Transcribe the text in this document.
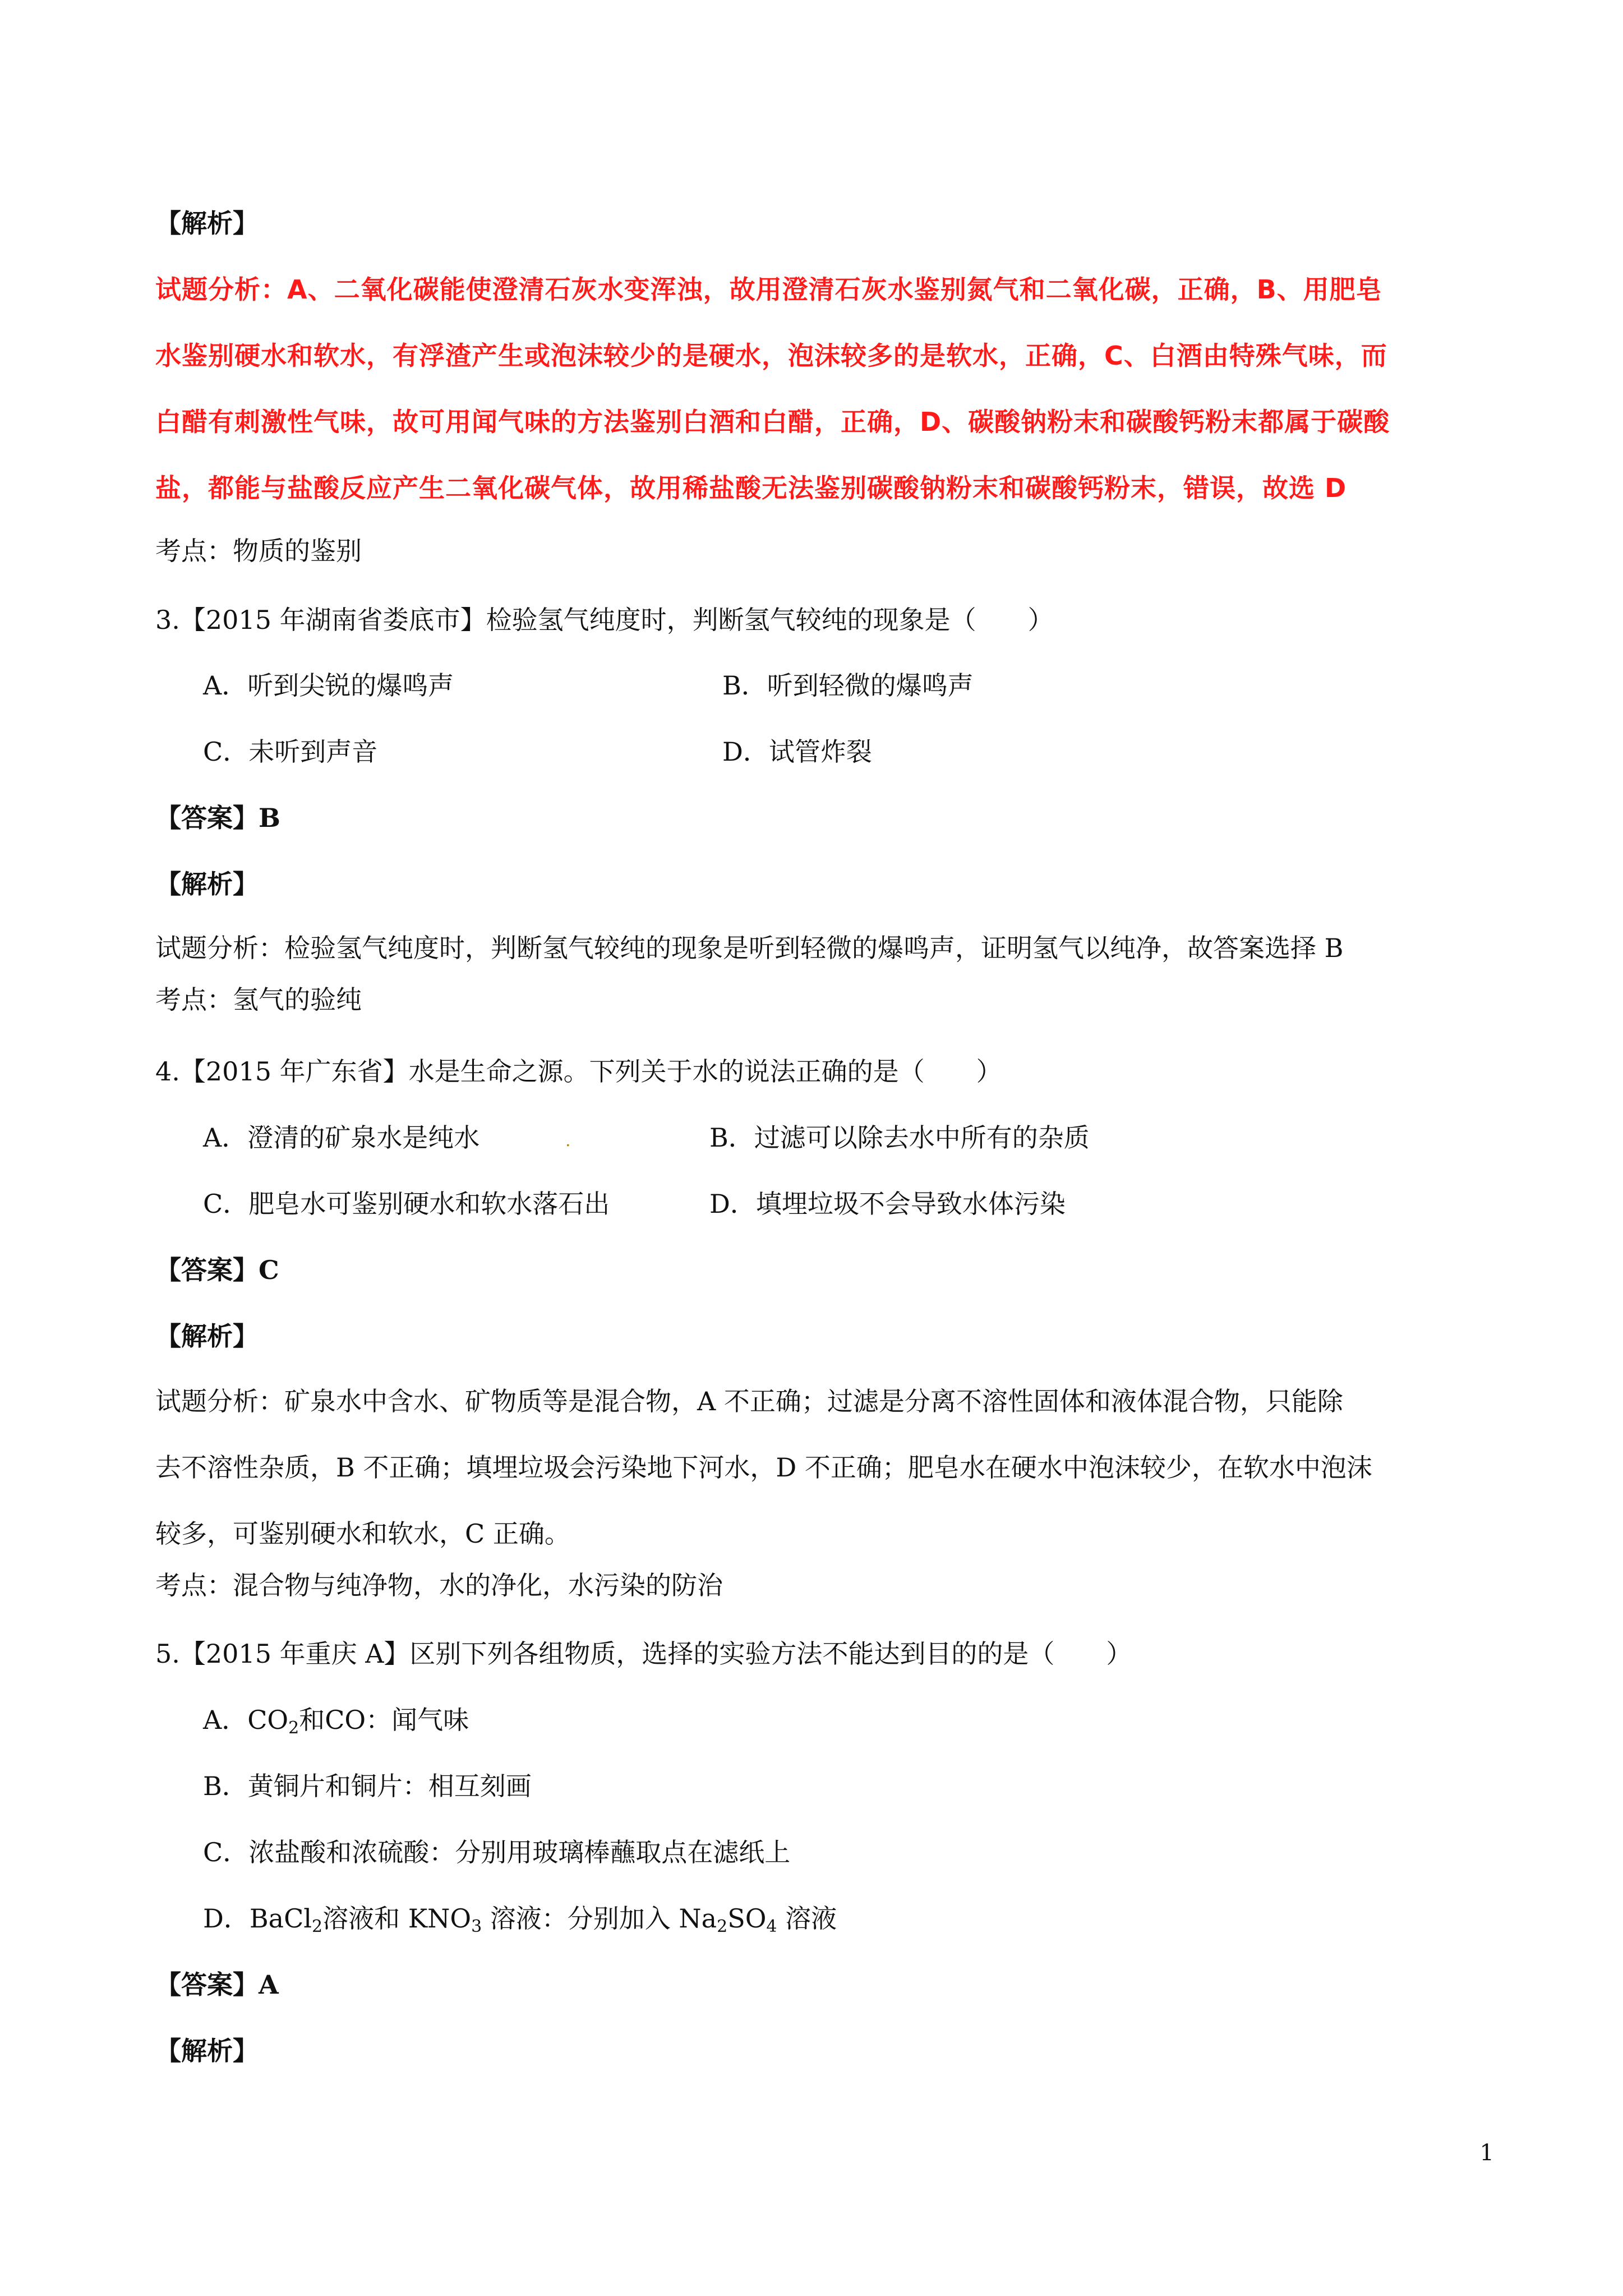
【解析】
试题分析：A、二氧化碳能使澄清石灰水变浑浊，故用澄清石灰水鉴别氮气和二氧化碳，正确，B、用肥皂
水鉴别硬水和软水，有浮渣产生或泡沫较少的是硬水，泡沫较多的是软水，正确，C、白酒由特殊气味，而
白醋有刺激性气味，故可用闻气味的方法鉴别白酒和白醋，正确，D、碳酸钠粉末和碳酸钙粉末都属于碳酸
盐，都能与盐酸反应产生二氧化碳气体，故用稀盐酸无法鉴别碳酸钠粉末和碳酸钙粉末，错误，故选 D
考点：物质的鉴别
3.【2015 年湖南省娄底市】检验氢气纯度时，判断氢气较纯的现象是（　　）
A．听到尖锐的爆鸣声	B．听到轻微的爆鸣声
C．未听到声音	D．试管炸裂
【答案】B
【解析】
试题分析：检验氢气纯度时，判断氢气较纯的现象是听到轻微的爆鸣声，证明氢气以纯净，故答案选择 B
考点：氢气的验纯
4.【2015 年广东省】水是生命之源。下列关于水的说法正确的是（　　）
A．澄清的矿泉水是纯水	.	B．过滤可以除去水中所有的杂质
C．肥皂水可鉴别硬水和软水落石出	D．填埋垃圾不会导致水体污染
【答案】C
【解析】
试题分析：矿泉水中含水、矿物质等是混合物，A 不正确；过滤是分离不溶性固体和液体混合物，只能除
去不溶性杂质，B 不正确；填埋垃圾会污染地下河水，D 不正确；肥皂水在硬水中泡沫较少，在软水中泡沫
较多，可鉴别硬水和软水，C 正确。
考点：混合物与纯净物，水的净化，水污染的防治
5.【2015 年重庆 A】区别下列各组物质，选择的实验方法不能达到目的的是（　　）
A．$CO_2$和CO：闻气味
B．黄铜片和铜片：相互刻画
C．浓盐酸和浓硫酸：分别用玻璃棒蘸取点在滤纸上
D．BaCl$_2$溶液和 $KNO_3$ 溶液：分别加入 $Na_2SO_4$ 溶液
【答案】A
【解析】
1
